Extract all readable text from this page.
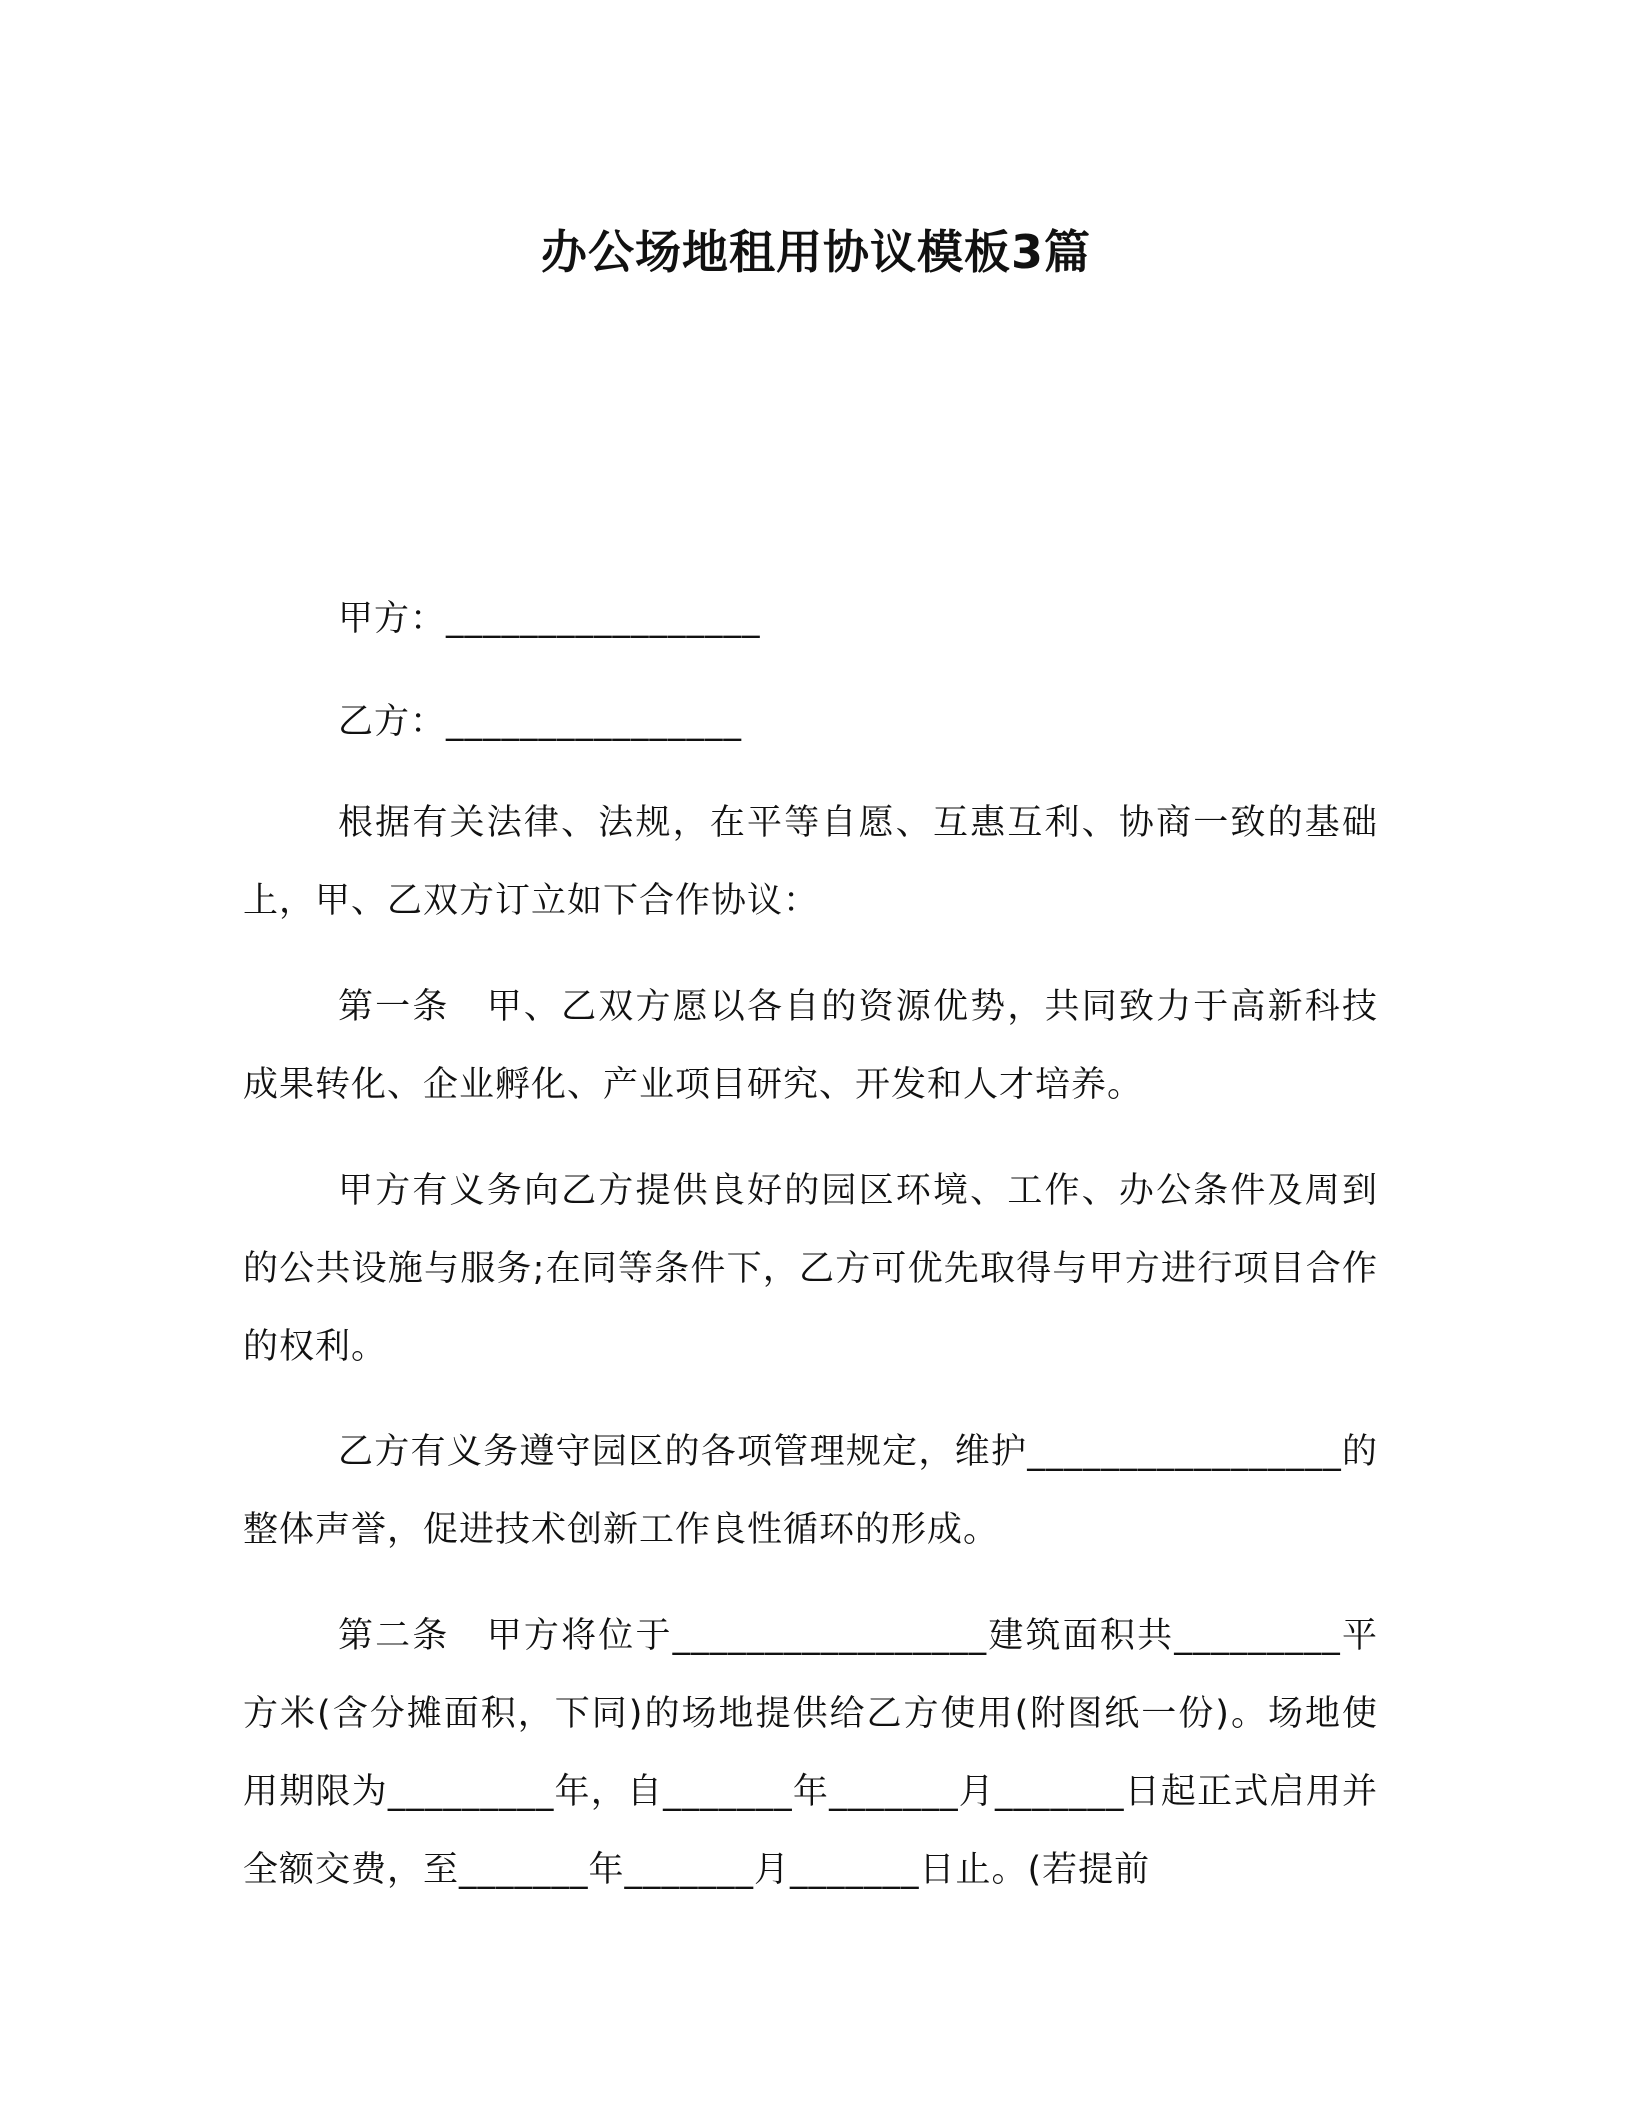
办公场地租用协议模板3篇
甲方：_________________
乙方：________________

根据有关法律、法规，在平等自愿、互惠互利、协商一致的基础上，甲、乙双方订立如下合作协议：

第一条　甲、乙双方愿以各自的资源优势，共同致力于高新科技成果转化、企业孵化、产业项目研究、开发和人才培养。

甲方有义务向乙方提供良好的园区环境、工作、办公条件及周到的公共设施与服务;在同等条件下，乙方可优先取得与甲方进行项目合作的权利。

乙方有义务遵守园区的各项管理规定，维护_________________的整体声誉，促进技术创新工作良性循环的形成。

第二条　甲方将位于_________________建筑面积共_________平方米(含分摊面积，下同)的场地提供给乙方使用(附图纸一份)。场地使用期限为_________年，自_______年_______月_______日起正式启用并全额交费，至_______年_______月_______日止。(若提前
